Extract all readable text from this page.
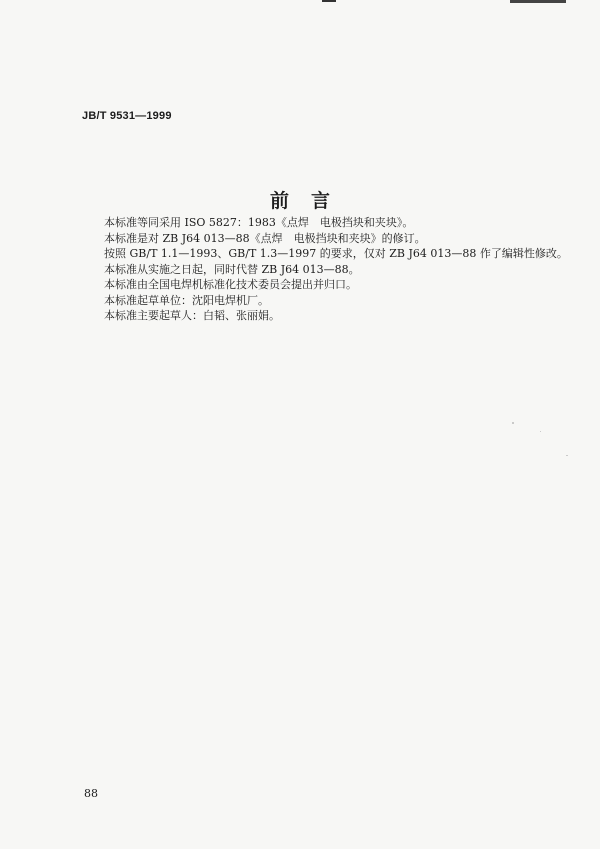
JB/T 9531—1999
前言
本标准等同采用 ISO 5827：1983《点焊　电极挡块和夹块》。
本标准是对 ZB J64 013—88《点焊　电极挡块和夹块》的修订。
按照 GB/T 1.1—1993、GB/T 1.3—1997 的要求，仅对 ZB J64 013—88 作了编辑性修改。
本标准从实施之日起，同时代替 ZB J64 013—88。
本标准由全国电焊机标准化技术委员会提出并归口。
本标准起草单位：沈阳电焊机厂。
本标准主要起草人：白韬、张丽娟。
88
